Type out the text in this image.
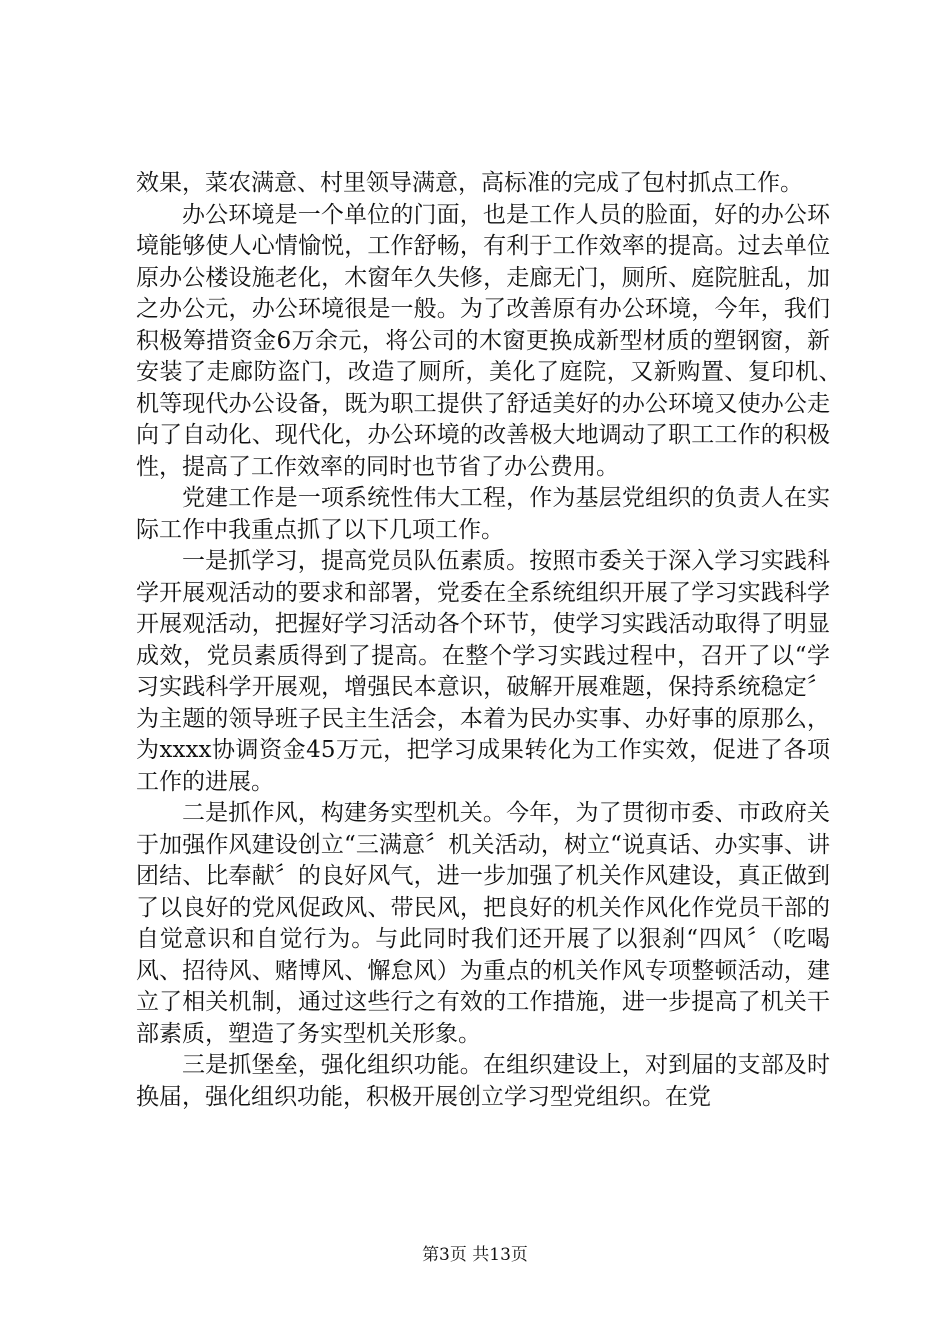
效果，菜农满意、村里领导满意，高标准的完成了包村抓点工作。

办公环境是一个单位的门面，也是工作人员的脸面，好的办公环境能够使人心情愉悦，工作舒畅，有利于工作效率的提高。过去单位原办公楼设施老化，木窗年久失修，走廊无门，厕所、庭院脏乱，加之办公元，办公环境很是一般。为了改善原有办公环境，今年，我们积极筹措资金6万余元，将公司的木窗更换成新型材质的塑钢窗，新安装了走廊防盗门，改造了厕所，美化了庭院，又新购置、复印机、　　机等现代办公设备，既为职工提供了舒适美好的办公环境又使办公走向了自动化、现代化，办公环境的改善极大地调动了职工工作的积极性，提高了工作效率的同时也节省了办公费用。

党建工作是一项系统性伟大工程，作为基层党组织的负责人在实际工作中我重点抓了以下几项工作。

一是抓学习，提高党员队伍素质。按照市委关于深入学习实践科学开展观活动的要求和部署，党委在全系统组织开展了学习实践科学开展观活动，把握好学习活动各个环节，使学习实践活动取得了明显成效，党员素质得到了提高。在整个学习实践过程中，召开了以“学习实践科学开展观，增强民本意识，破解开展难题，保持系统稳定〞为主题的领导班子民主生活会，本着为民办实事、办好事的原那么，为xxxx协调资金45万元，把学习成果转化为工作实效，促进了各项工作的进展。

二是抓作风，构建务实型机关。今年，为了贯彻市委、市政府关于加强作风建设创立“三满意〞机关活动，树立“说真话、办实事、讲团结、比奉献〞的良好风气，进一步加强了机关作风建设，真正做到了以良好的党风促政风、带民风，把良好的机关作风化作党员干部的自觉意识和自觉行为。与此同时我们还开展了以狠刹“四风〞（吃喝风、招待风、赌博风、懈怠风）为重点的机关作风专项整顿活动，建立了相关机制，通过这些行之有效的工作措施，进一步提高了机关干部素质，塑造了务实型机关形象。

三是抓堡垒，强化组织功能。在组织建设上，对到届的支部及时换届，强化组织功能，积极开展创立学习型党组织。在党

第3页 共13页
